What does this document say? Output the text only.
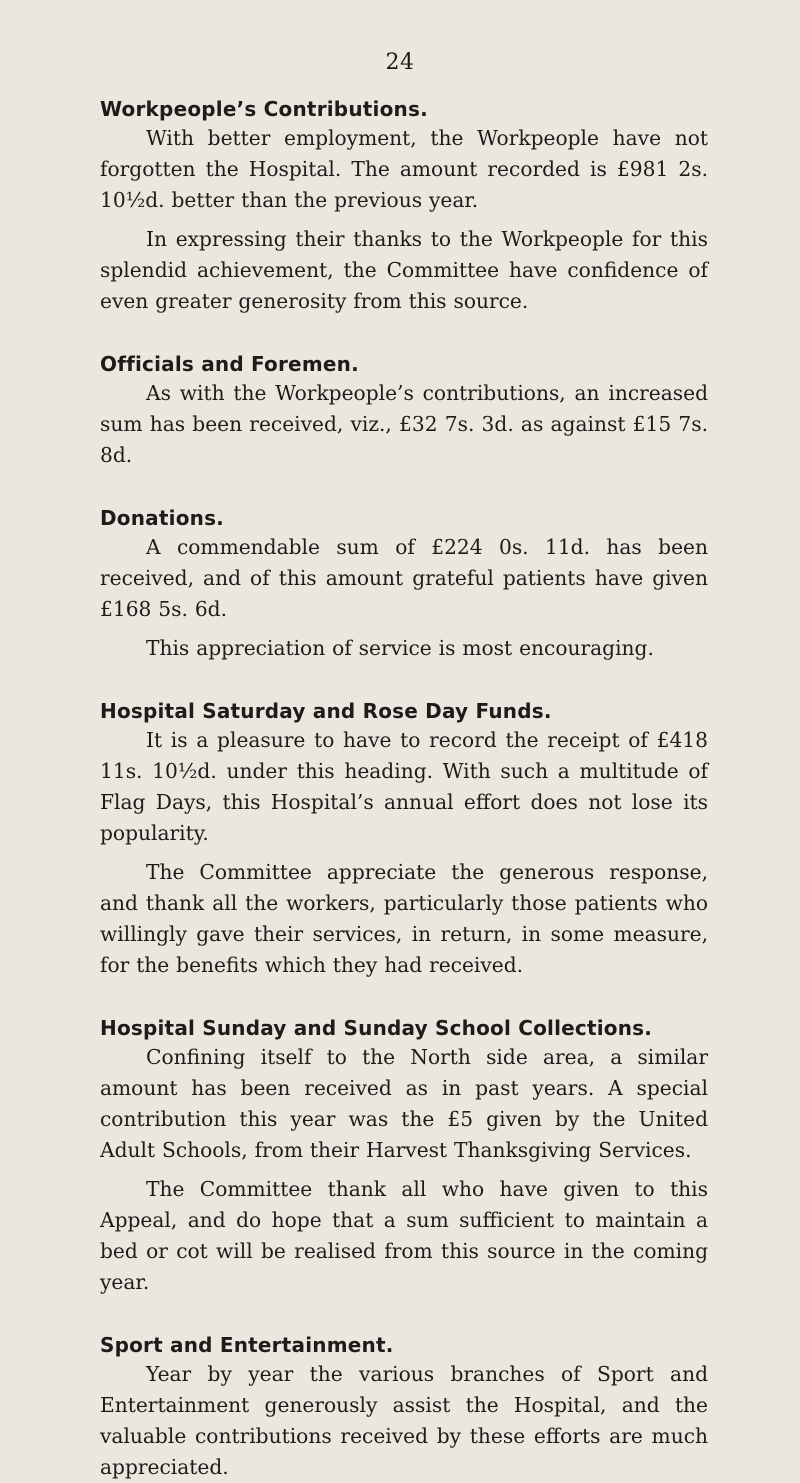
24

Workpeople’s Contributions.

With better employment, the Workpeople have not forgotten the Hospital. The amount recorded is £981 2s. 10½d. better than the previous year.

In expressing their thanks to the Workpeople for this splendid achievement, the Committee have confidence of even greater generosity from this source.

Officials and Foremen.

As with the Workpeople’s contributions, an increased sum has been received, viz., £32 7s. 3d. as against £15 7s. 8d.

Donations.

A commendable sum of £224 0s. 11d. has been received, and of this amount grateful patients have given £168 5s. 6d.

This appreciation of service is most encouraging.

Hospital Saturday and Rose Day Funds.

It is a pleasure to have to record the receipt of £418 11s. 10½d. under this heading. With such a multitude of Flag Days, this Hospital’s annual effort does not lose its popularity.

The Committee appreciate the generous response, and thank all the workers, particularly those patients who willingly gave their services, in return, in some measure, for the benefits which they had received.

Hospital Sunday and Sunday School Collections.

Confining itself to the North side area, a similar amount has been received as in past years. A special contribution this year was the £5 given by the United Adult Schools, from their Harvest Thanksgiving Services.

The Committee thank all who have given to this Appeal, and do hope that a sum sufficient to maintain a bed or cot will be realised from this source in the coming year.

Sport and Entertainment.

Year by year the various branches of Sport and Entertainment generously assist the Hospital, and the valuable contributions received by these efforts are much appreciated.
